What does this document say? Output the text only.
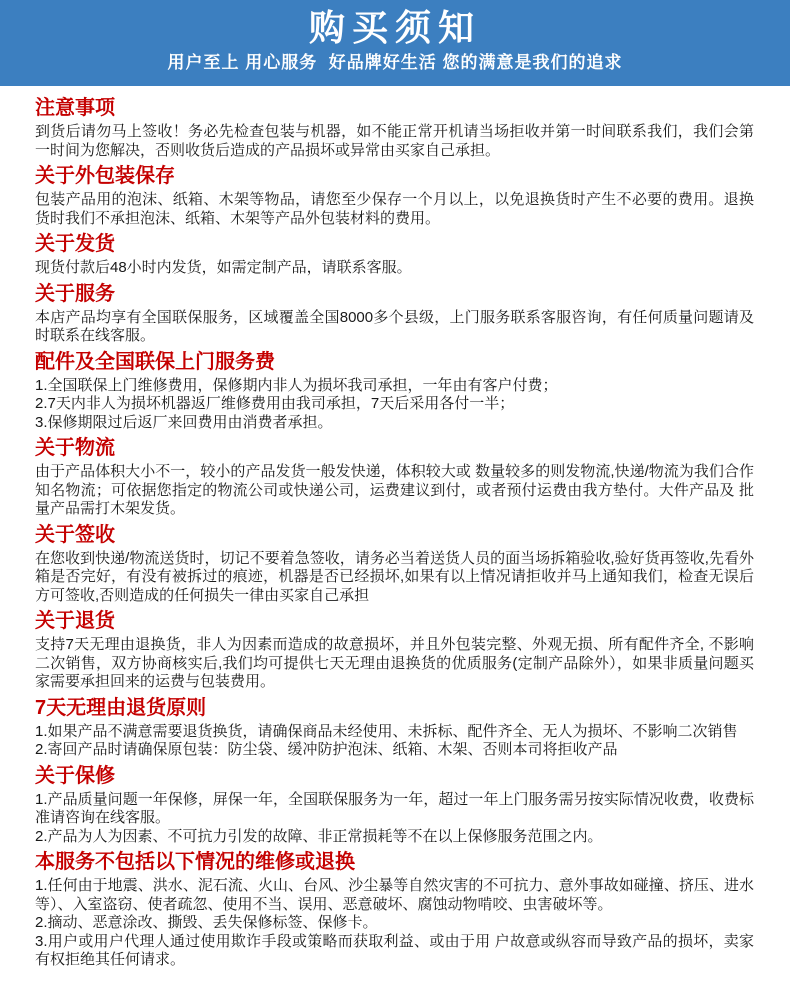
购买须知

用户至上 用心服务  好品牌好生活 您的满意是我们的追求

注意事项

到货后请勿马上签收！务必先检查包装与机器，如不能正常开机请当场拒收并第一时间联系我们，我们会第一时间为您解决，否则收货后造成的产品损坏或异常由买家自己承担。

关于外包装保存

包装产品用的泡沫、纸箱、木架等物品，请您至少保存一个月以上，以免退换货时产生不必要的费用。退换货时我们不承担泡沫、纸箱、木架等产品外包装材料的费用。

关于发货

现货付款后48小时内发货，如需定制产品，请联系客服。

关于服务

本店产品均享有全国联保服务，区域覆盖全国8000多个县级，上门服务联系客服咨询，有任何质量问题请及时联系在线客服。

配件及全国联保上门服务费

1.全国联保上门维修费用，保修期内非人为损坏我司承担，一年由有客户付费；

2.7天内非人为损坏机器返厂维修费用由我司承担，7天后采用各付一半；

3.保修期限过后返厂来回费用由消费者承担。

关于物流

由于产品体积大小不一，较小的产品发货一般发快递，体积较大或 数量较多的则发物流,快递/物流为我们合作知名物流；可依据您指定的物流公司或快递公司，运费建议到付，或者预付运费由我方垫付。大件产品及 批量产品需打木架发货。

关于签收

在您收到快递/物流送货时，切记不要着急签收，请务必当着送货人员的面当场拆箱验收,验好货再签收,先看外箱是否完好，有没有被拆过的痕迹，机器是否已经损坏,如果有以上情况请拒收并马上通知我们，检查无误后方可签收,否则造成的任何损失一律由买家自己承担

关于退货

支持7天无理由退换货，非人为因素而造成的故意损坏，并且外包装完整、外观无损、所有配件齐全, 不影响二次销售，双方协商核实后,我们均可提供七天无理由退换货的优质服务(定制产品除外），如果非质量问题买家需要承担回来的运费与包装费用。

7天无理由退货原则

1.如果产品不满意需要退货换货，请确保商品未经使用、未拆标、配件齐全、无人为损坏、不影响二次销售

2.寄回产品时请确保原包装：防尘袋、缓冲防护泡沫、纸箱、木架、否则本司将拒收产品

关于保修

1.产品质量问题一年保修，屏保一年，全国联保服务为一年，超过一年上门服务需另按实际情况收费，收费标准请咨询在线客服。

2.产品为人为因素、不可抗力引发的故障、非正常损耗等不在以上保修服务范围之内。

本服务不包括以下情况的维修或退换

1.任何由于地震、洪水、泥石流、火山、台风、沙尘暴等自然灾害的不可抗力、意外事故如碰撞、挤压、进水等）、入室盗窃、使者疏忽、使用不当、误用、恶意破坏、腐蚀动物啃咬、虫害破坏等。

2.摘动、恶意涂改、撕毁、丢失保修标签、保修卡。

3.用户或用户代理人通过使用欺诈手段或策略而获取利益、或由于用 户故意或纵容而导致产品的损坏，卖家有权拒绝其任何请求。
